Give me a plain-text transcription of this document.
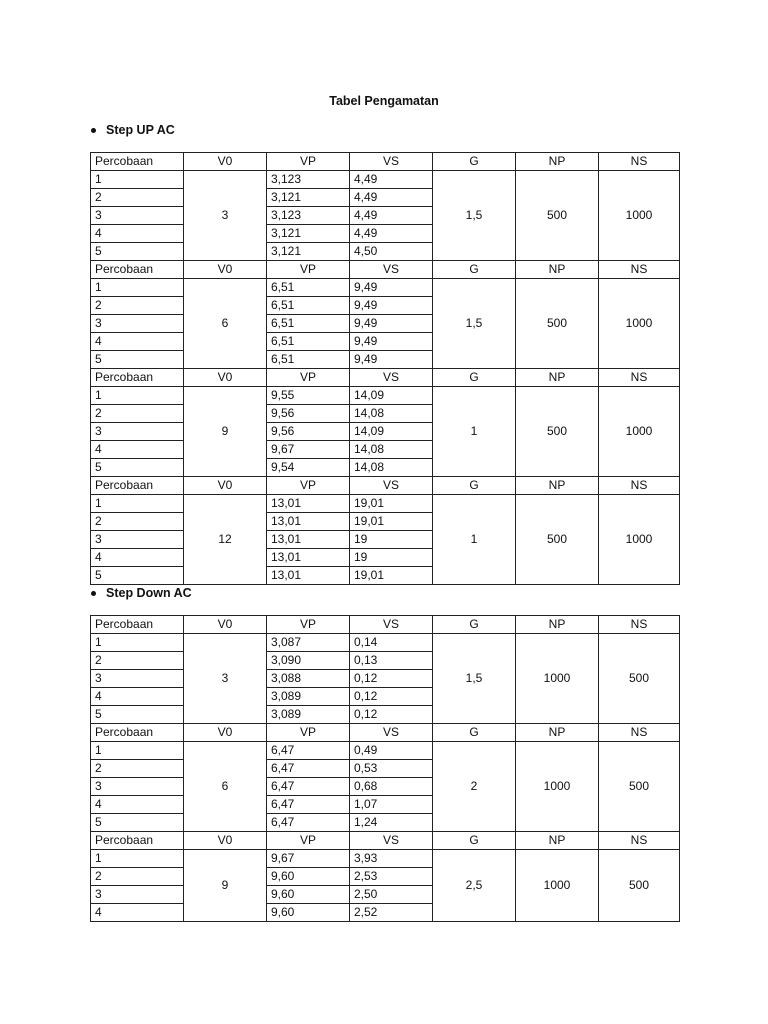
Tabel Pengamatan
Step UP AC
Percobaan	V0	VP	VS	G	NP	NS
1	3	3,123	4,49	1,5	500	1000
2		3,121	4,49			
3		3,123	4,49			
4		3,121	4,49			
5		3,121	4,50			
Percobaan	V0	VP	VS	G	NP	NS
1	6	6,51	9,49	1,5	500	1000
2		6,51	9,49			
3		6,51	9,49			
4		6,51	9,49			
5		6,51	9,49			
Percobaan	V0	VP	VS	G	NP	NS
1	9	9,55	14,09	1	500	1000
2		9,56	14,08			
3		9,56	14,09			
4		9,67	14,08			
5		9,54	14,08			
Percobaan	V0	VP	VS	G	NP	NS
1	12	13,01	19,01	1	500	1000
2		13,01	19,01			
3		13,01	19			
4		13,01	19			
5		13,01	19,01			
Step Down AC
Percobaan	V0	VP	VS	G	NP	NS
1	3	3,087	0,14	1,5	1000	500
2		3,090	0,13			
3		3,088	0,12			
4		3,089	0,12			
5		3,089	0,12			
Percobaan	V0	VP	VS	G	NP	NS
1	6	6,47	0,49	2	1000	500
2		6,47	0,53			
3		6,47	0,68			
4		6,47	1,07			
5		6,47	1,24			
Percobaan	V0	VP	VS	G	NP	NS
1	9	9,67	3,93	2,5	1000	500
2		9,60	2,53			
3		9,60	2,50			
4		9,60	2,52			
